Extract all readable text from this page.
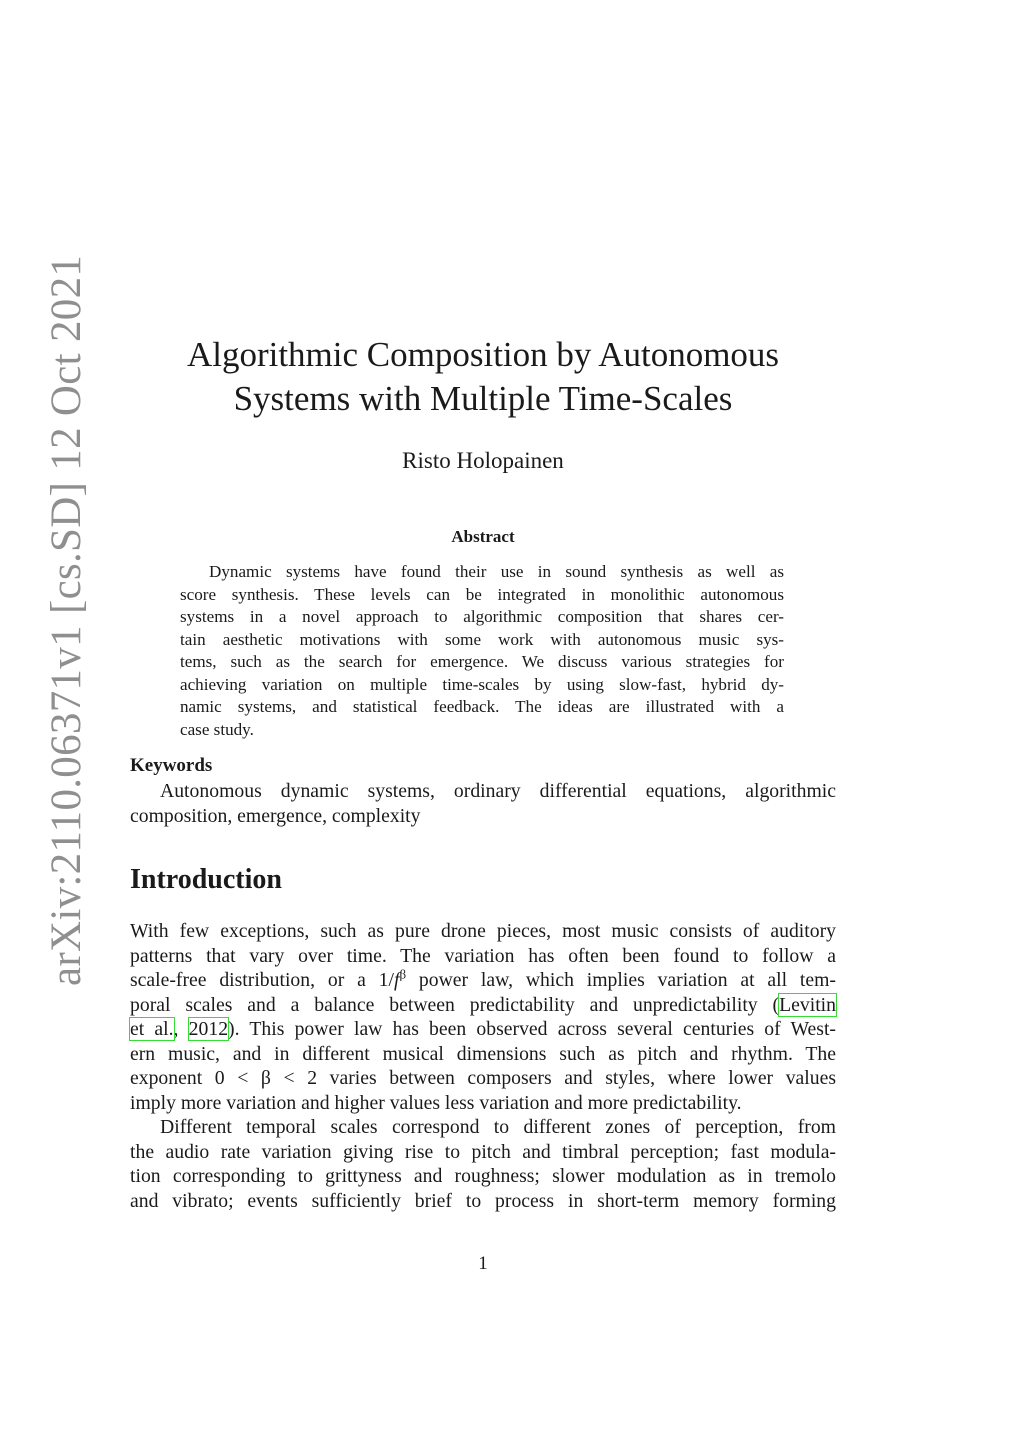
arXiv:2110.06371v1 [cs.SD] 12 Oct 2021	Algorithmic Composition by Autonomous
Systems with Multiple Time-Scales
Risto Holopainen
Abstract
Dynamic systems have found their use in sound synthesis as well as
score synthesis. These levels can be integrated in monolithic autonomous
systems in a novel approach to algorithmic composition that shares cer-
tain aesthetic motivations with some work with autonomous music sys-
tems, such as the search for emergence. We discuss various strategies for
achieving variation on multiple time-scales by using slow-fast, hybrid dy-
namic systems, and statistical feedback. The ideas are illustrated with a
case study.
Keywords
Autonomous dynamic systems, ordinary differential equations, algorithmic
composition, emergence, complexity
Introduction
With few exceptions, such as pure drone pieces, most music consists of auditory
patterns that vary over time. The variation has often been found to follow a
scale-free distribution, or a $1/f^\beta$ power law, which implies variation at all tem-
poral scales and a balance between predictability and unpredictability (Levitin
et al., 2012). This power law has been observed across several centuries of West-
ern music, and in different musical dimensions such as pitch and rhythm. The
exponent 0 < β < 2 varies between composers and styles, where lower values
imply more variation and higher values less variation and more predictability.
Different temporal scales correspond to different zones of perception, from
the audio rate variation giving rise to pitch and timbral perception; fast modula-
tion corresponding to grittyness and roughness; slower modulation as in tremolo
and vibrato; events sufficiently brief to process in short-term memory forming
1
